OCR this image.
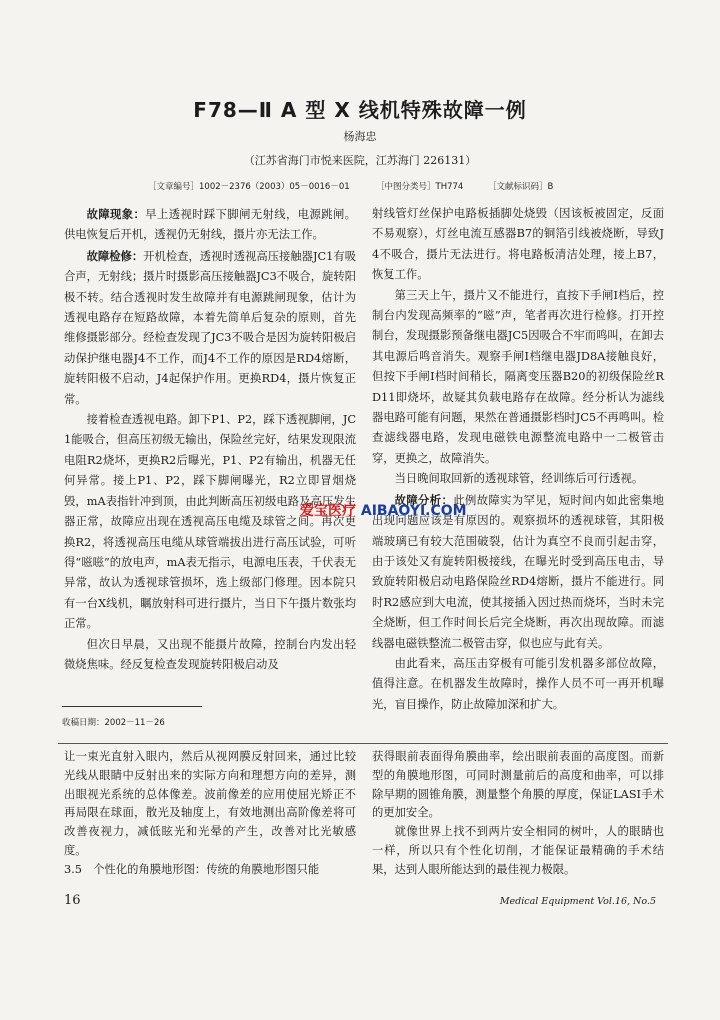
F78—Ⅱ A 型 X 线机特殊故障一例
杨海忠
（江苏省海门市悦来医院，江苏海门 226131）
［文章编号］1002－2376（2003）05－0016－01	［中图分类号］TH774	［文献标识码］B

故障现象：早上透视时踩下脚闸无射线，电源跳闸。供电恢复后开机，透视仍无射线，摄片亦无法工作。

故障检修：开机检查，透视时透视高压接触器JC1有吸合声，无射线；摄片时摄影高压接触器JC3不吸合，旋转阳极不转。结合透视时发生故障并有电源跳闸现象，估计为透视电路存在短路故障，本着先简单后复杂的原则，首先维修摄影部分。经检查发现了JC3不吸合是因为旋转阳极启动保护继电器J4不工作，而J4不工作的原因是RD4熔断，旋转阳极不启动，J4起保护作用。更换RD4，摄片恢复正常。

接着检查透视电路。卸下P1、P2，踩下透视脚闸，JC1能吸合，但高压初级无输出，保险丝完好，结果发现限流电阻R2烧坏，更换R2后曝光，P1、P2有输出，机器无任何异常。接上P1、P2，踩下脚闸曝光，R2立即冒烟烧毁，mA表指针冲到顶，由此判断高压初级电路及高压发生器正常，故障应出现在透视高压电缆及球管之间。再次更换R2，将透视高压电缆从球管端拔出进行高压试验，可听得“嗞嗞”的放电声，mA表无指示，电源电压表，千伏表无异常，故认为透视球管损坏，选上级部门修理。因本院只有一台X线机，瞩放射科可进行摄片，当日下午摄片数张均正常。

但次日早晨，又出现不能摄片故障，控制台内发出轻微烧焦味。经反复检查发现旋转阳极启动及

射线管灯丝保护电路板插脚处烧毁（因该板被固定，反面不易观察），灯丝电流互感器B7的铜箔引线被烧断，导致J4不吸合，摄片无法进行。将电路板清洁处理，接上B7，恢复工作。

第三天上午，摄片又不能进行，直按下手闸I档后，控制台内发现高频率的“嗞”声，笔者再次进行检修。打开控制台，发现摄影预备继电器JC5因吸合不牢而鸣叫，在卸去其电源后鸣音消失。观察手闸I档继电器JD8A接触良好，但按下手闸I档时间稍长，隔离变压器B20的初级保险丝RD11即烧坏，故疑其负载电路存在故障。经分析认为滤线器电路可能有问题，果然在普通摄影档时JC5不再鸣叫。检查滤线器电路，发现电磁铁电源整流电路中一二极管击穿，更换之，故障消失。

当日晚间取回新的透视球管，经训练后可行透视。

故障分析：此例故障实为罕见，短时间内如此密集地出现问题应该是有原因的。观察损坏的透视球管，其阳极端玻璃已有较大范围破裂，估计为真空不良而引起击穿，由于该处又有旋转阳极接线，在曝光时受到高压电击，导致旋转阳极启动电路保险丝RD4熔断，摄片不能进行。同时R2感应到大电流，使其接插入因过热而烧坏，当时未完全烧断，但工作时间长后完全烧断，再次出现故障。而滤线器电磁铁整流二极管击穿，似也应与此有关。

由此看来，高压击穿极有可能引发机器多部位故障，值得注意。在机器发生故障时，操作人员不可一再开机曝光，盲目操作，防止故障加深和扩大。

收稿日期：2002－11－26

让一束光直射入眼内，然后从视网膜反射回来，通过比较光线从眼睛中反射出来的实际方向和理想方向的差异，测出眼视光系统的总体像差。波前像差的应用使屈光矫正不再局限在球面，散光及轴度上，有效地测出高阶像差将可改善夜视力，减低眩光和光晕的产生，改善对比光敏感度。

3.5　个性化的角膜地形图：传统的角膜地形图只能

获得眼前表面得角膜曲率，绘出眼前表面的高度图。而新型的角膜地形图，可同时测量前后的高度和曲率，可以排除早期的圆锥角膜，测量整个角膜的厚度，保证LASI手术的更加安全。

就像世界上找不到两片安全相同的树叶，人的眼睛也一样，所以只有个性化切削，才能保证最精确的手术结果，达到人眼所能达到的最佳视力极限。

爱宝医疗 AIBAOYI.COM
16	Medical Equipment Vol.16, No.5
